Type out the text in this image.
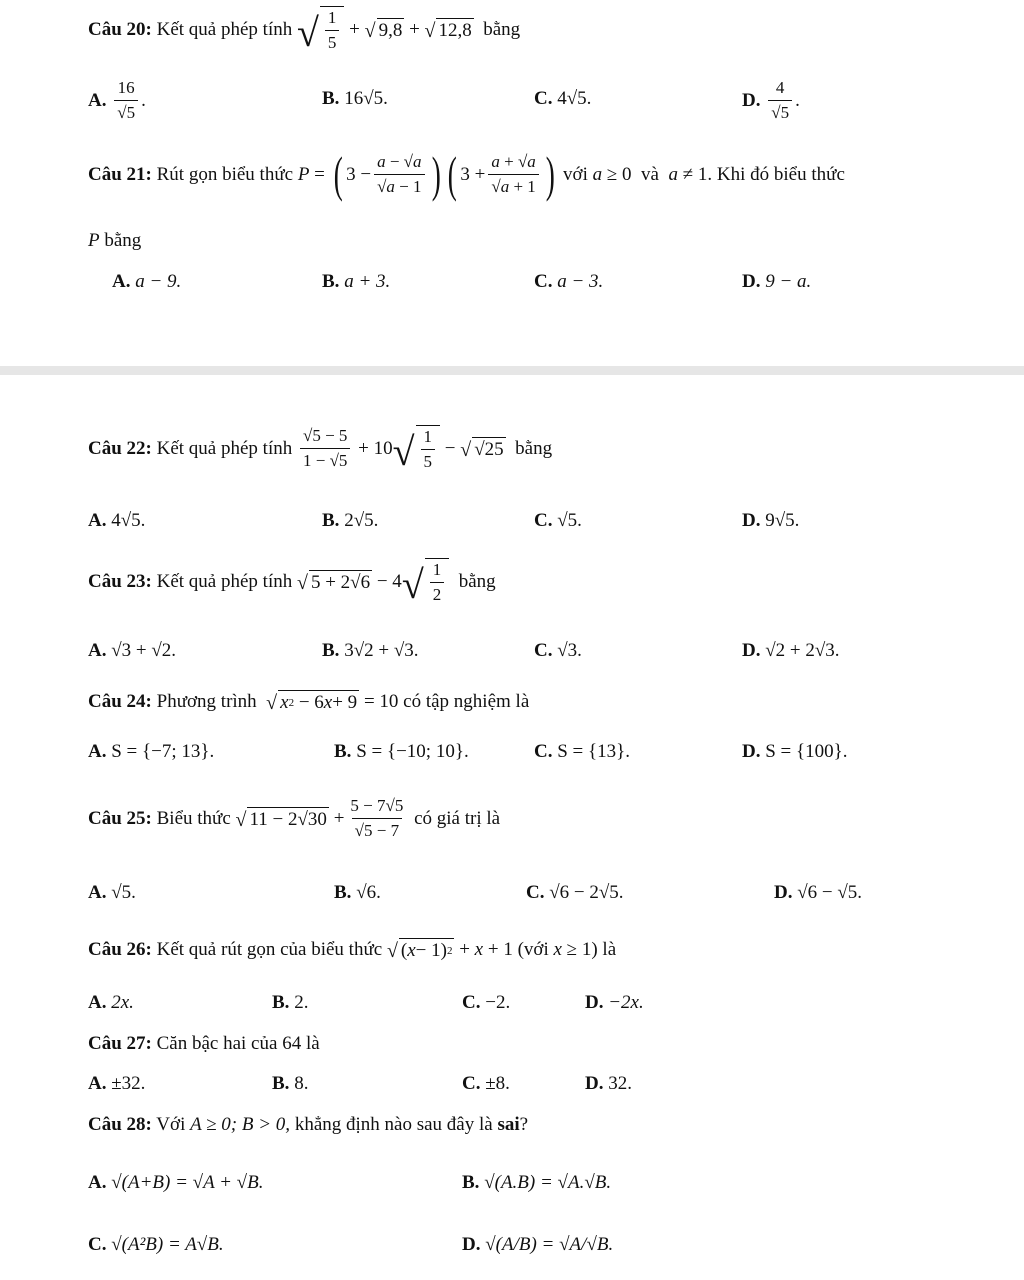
Câu 20:
Kết quả phép tính
√ $\frac{1}{5}$ + √ 9,8 + √ 12,8
bằng
A.
$\frac{16}{√5}$ .	B. 16√5.	C. 4√5.	D.
$\frac{4}{√5}$ .
Câu 21:
Rút gọn biểu thức
P = ( $3 - \frac{a - √a}{√a - 1}$ ) ( $3 + \frac{a + √a}{√a + 1}$ )
với
a ≥ 0 và
a ≠ 1 . Khi đó biểu thức
P bằng
A. a − 9.	B. a + 3.	C. a − 3.	D. 9 − a.
Câu 22:
Kết quả phép tính
$\frac{√5 - 5}{1 - √5} + 10$ √ $\frac{1}{5}$ − √ √25
bằng
A. 4√5.	B. 2√5.	C. √5.	D. 9√5.
Câu 23:
Kết quả phép tính
√ 5 + 2√6 − 4 √ $\frac{1}{2}$
bằng
A. √3 + √2.	B. 3√2 + √3.	C. √3.	D. √2 + 2√3.
Câu 24:
Phương trình
√ x 2 − 6 x + 9 = 10
có tập nghiệm là
A. S = {−7; 13}.	B. S = {−10; 10}.	C. S = {13}.	D. S = {100}.
Câu 25:
Biểu thức
√ $11 - 2√30 + \frac{5 - 7√5}{√5 - 7}$
có giá trị là
A. √5.	B. √6.	C. √6 − 2√5.	D. √6 − √5.
Câu 26:
Kết quả rút gọn của biểu thức
√ ( x − 1) 2 + x + 1
(với
x ≥ 1 ) là
A. 2x.	B. 2.	C. −2.	D. −2x.
Câu 27: Căn bậc hai của 64 là
A. ±32.	B. 8.	C. ±8.	D. 32.
Câu 28: Với A ≥ 0; B > 0, khẳng định nào sau đây là sai?
A. √(A+B) = √A + √B.	B. √(A.B) = √A.√B.
C. √(A²B) = A√B.	D. √(A/B) = √A/√B.
